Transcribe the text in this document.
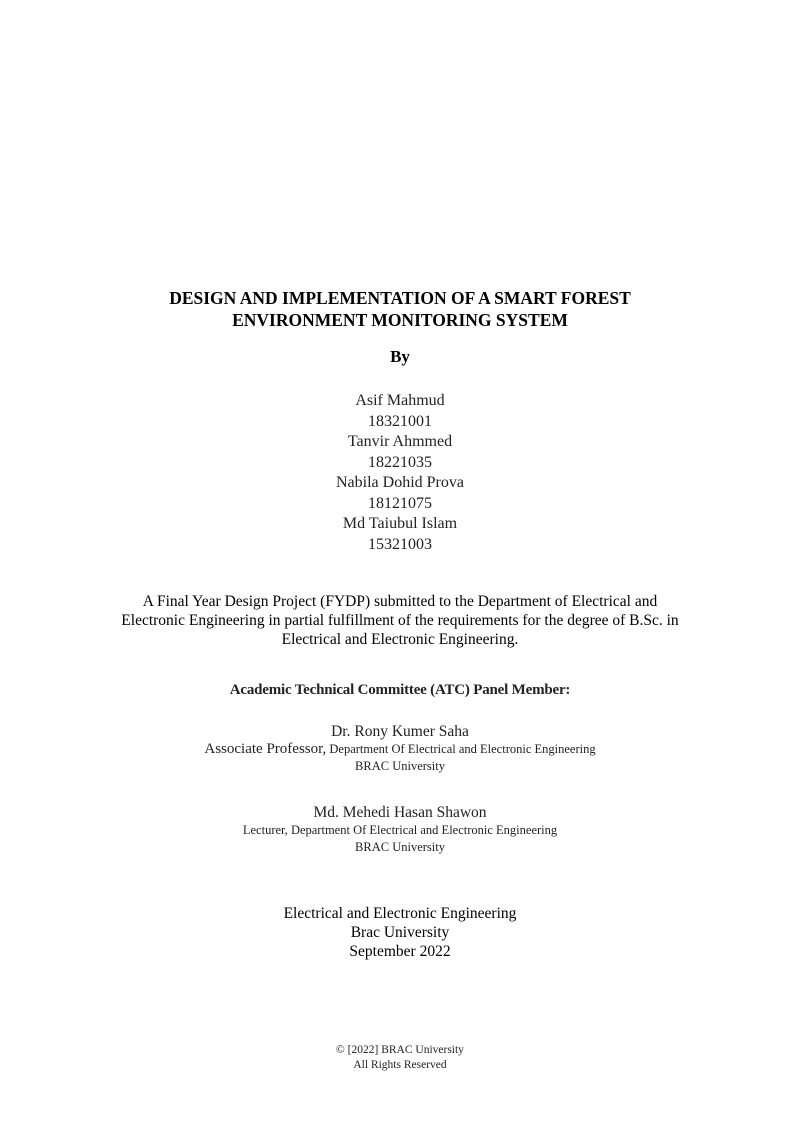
DESIGN AND IMPLEMENTATION OF A SMART FOREST
ENVIRONMENT MONITORING SYSTEM
By
Asif Mahmud
18321001
Tanvir Ahmmed
18221035
Nabila Dohid Prova
18121075
Md Taiubul Islam
15321003
A Final Year Design Project (FYDP) submitted to the Department of Electrical and
Electronic Engineering in partial fulfillment of the requirements for the degree of B.Sc. in
Electrical and Electronic Engineering.
Academic Technical Committee (ATC) Panel Member:
Dr. Rony Kumer Saha
Associate Professor, Department Of Electrical and Electronic Engineering
BRAC University
Md. Mehedi Hasan Shawon
Lecturer, Department Of Electrical and Electronic Engineering
BRAC University
Electrical and Electronic Engineering
Brac University
September 2022
© [2022] BRAC University
All Rights Reserved
